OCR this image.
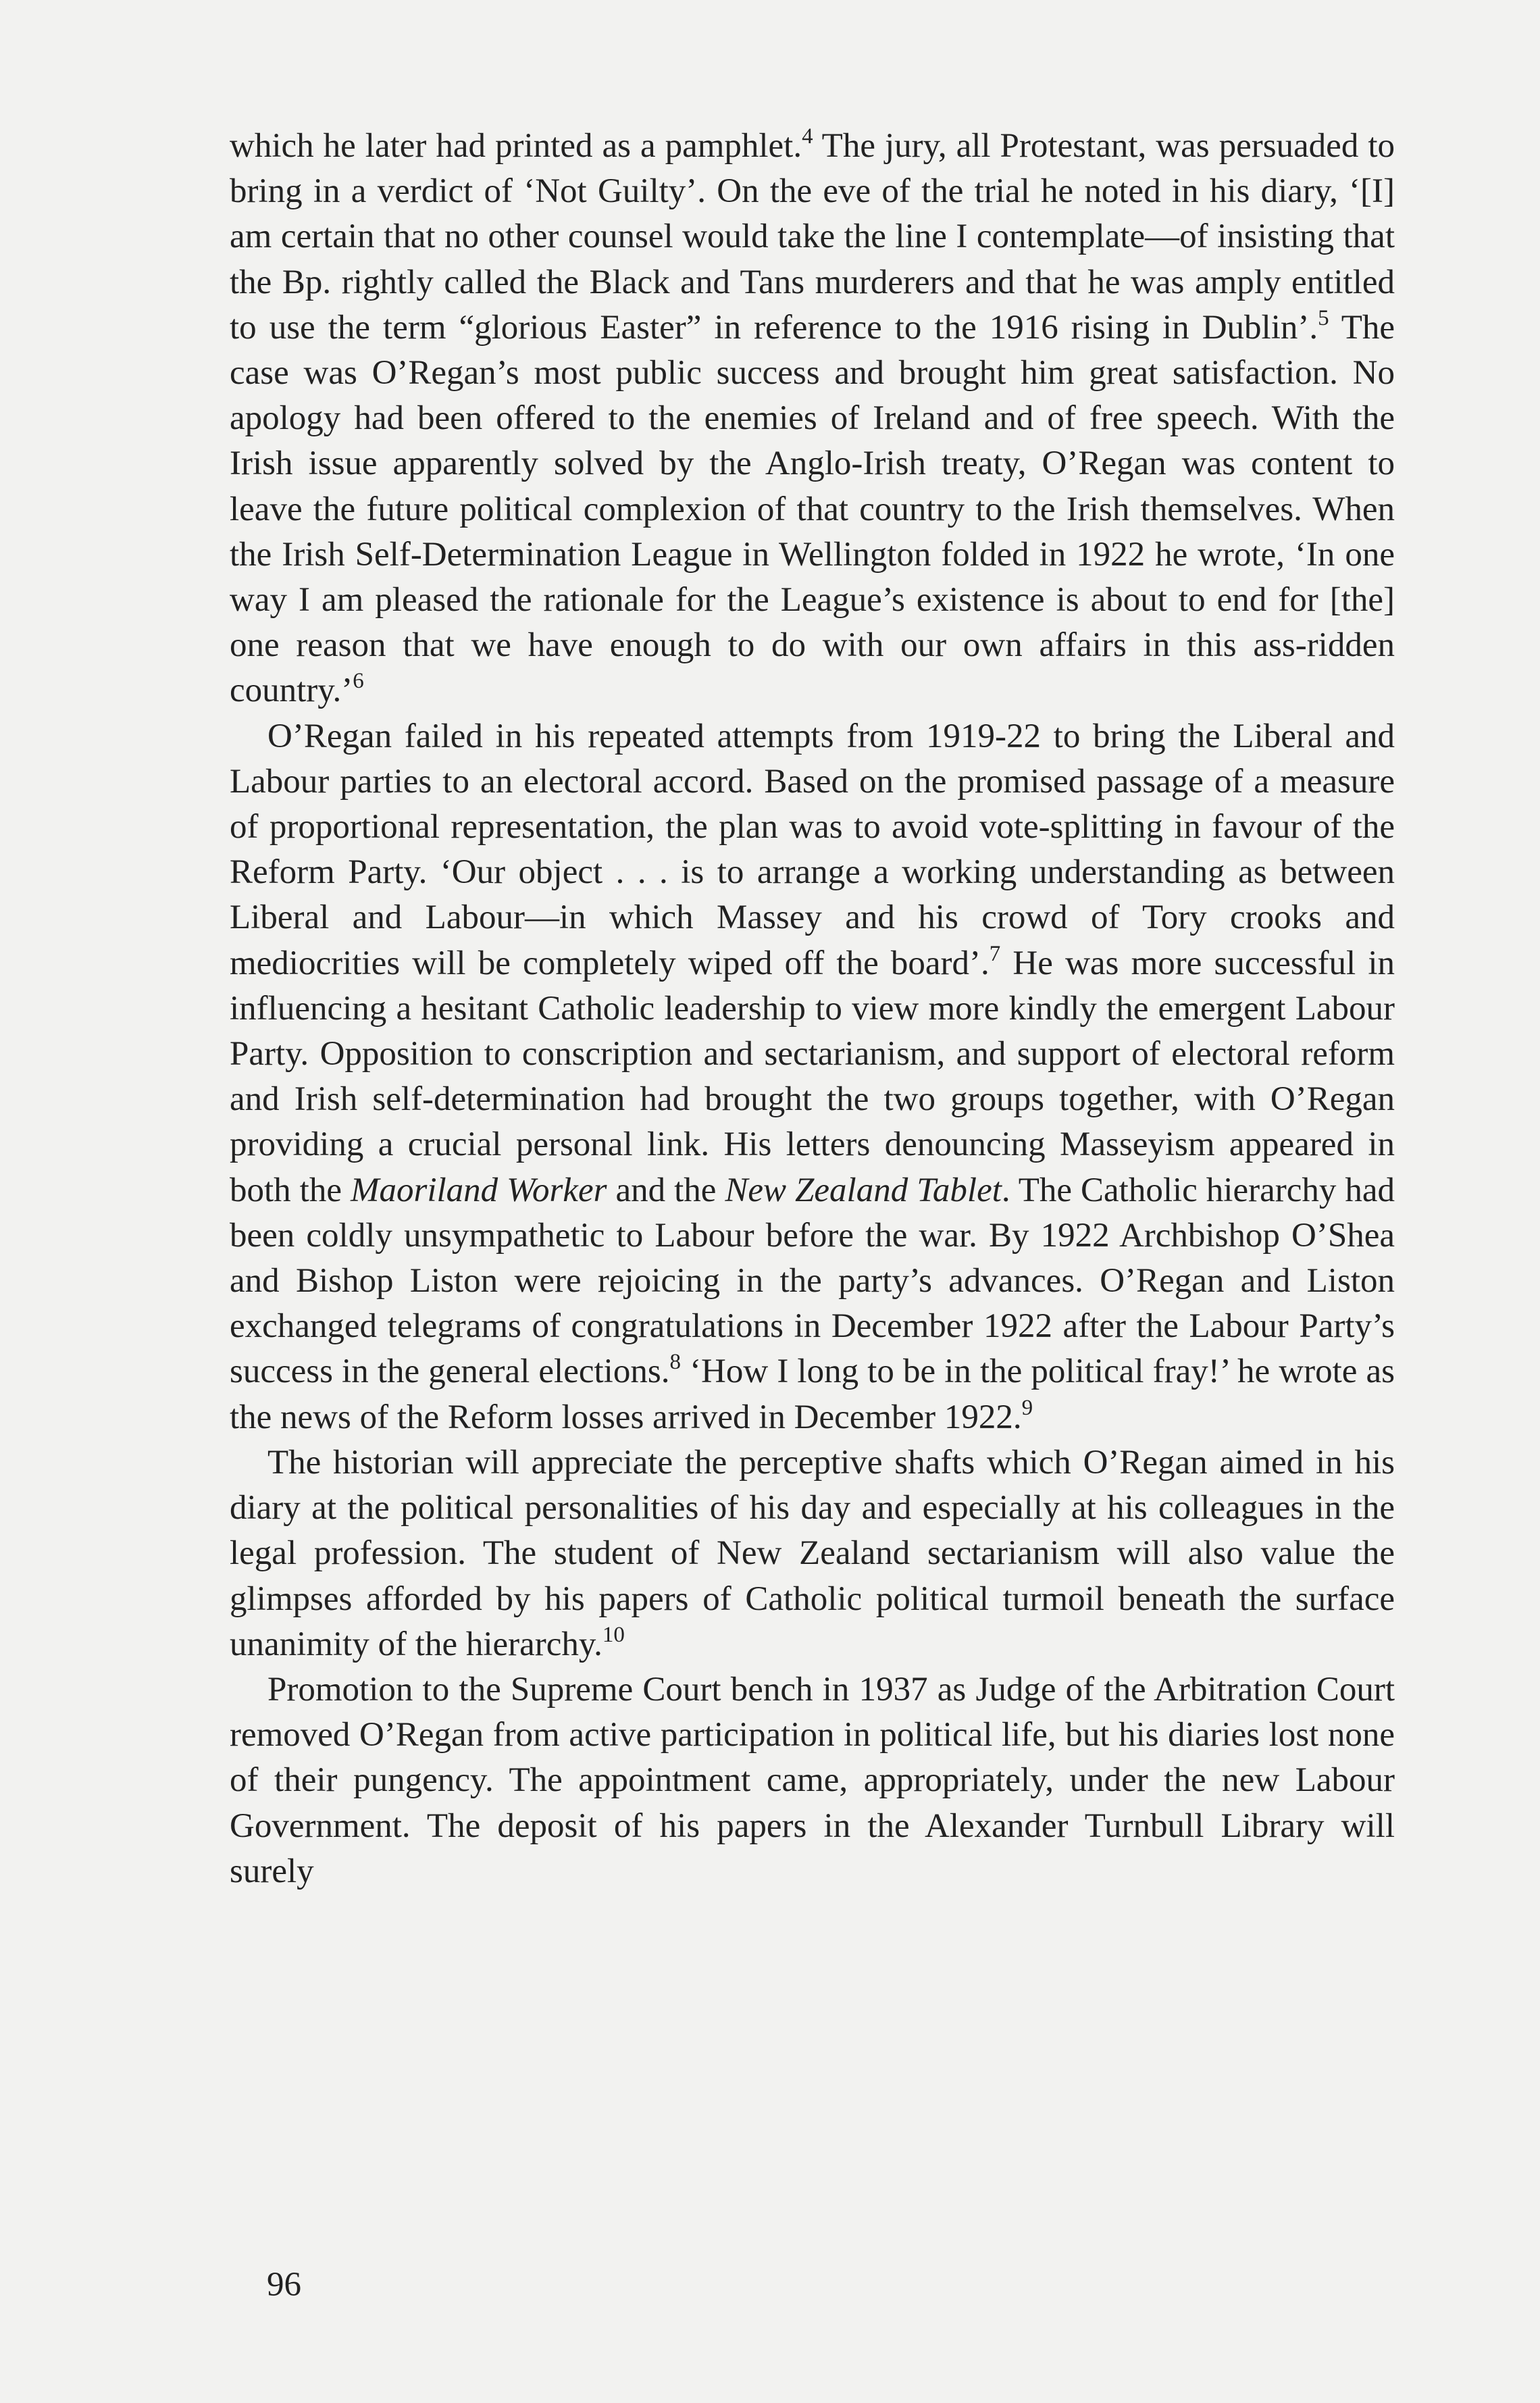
which he later had printed as a pamphlet.$^4$ The jury, all Protestant, was persuaded to bring in a verdict of ‘Not Guilty’. On the eve of the trial he noted in his diary, ‘[I] am certain that no other counsel would take the line I contemplate—of insisting that the Bp. rightly called the Black and Tans murderers and that he was amply entitled to use the term “glorious Easter” in reference to the 1916 rising in Dublin’.$^5$ The case was O’Regan’s most public success and brought him great satisfaction. No apology had been offered to the enemies of Ireland and of free speech. With the Irish issue apparently solved by the Anglo-Irish treaty, O’Regan was content to leave the future political complexion of that country to the Irish themselves. When the Irish Self-Determination League in Wellington folded in 1922 he wrote, ‘In one way I am pleased the rationale for the League’s existence is about to end for [the] one reason that we have enough to do with our own affairs in this ass-ridden country.’$^6$

O’Regan failed in his repeated attempts from 1919-22 to bring the Liberal and Labour parties to an electoral accord. Based on the promised passage of a measure of proportional representation, the plan was to avoid vote-splitting in favour of the Reform Party. ‘Our object . . . is to arrange a working understanding as between Liberal and Labour—in which Massey and his crowd of Tory crooks and mediocrities will be completely wiped off the board’.$^7$ He was more successful in influencing a hesitant Catholic leadership to view more kindly the emergent Labour Party. Opposition to conscription and sectarianism, and support of electoral reform and Irish self-determination had brought the two groups together, with O’Regan providing a crucial personal link. His letters denouncing Masseyism appeared in both the Maoriland Worker and the New Zealand Tablet. The Catholic hierarchy had been coldly unsympathetic to Labour before the war. By 1922 Archbishop O’Shea and Bishop Liston were rejoicing in the party’s advances. O’Regan and Liston exchanged telegrams of congratulations in December 1922 after the Labour Party’s success in the general elections.$^8$ ‘How I long to be in the political fray!’ he wrote as the news of the Reform losses arrived in December 1922.$^9$

The historian will appreciate the perceptive shafts which O’Regan aimed in his diary at the political personalities of his day and especially at his colleagues in the legal profession. The student of New Zealand sectarianism will also value the glimpses afforded by his papers of Catholic political turmoil beneath the surface unanimity of the hierarchy.$^{10}$

Promotion to the Supreme Court bench in 1937 as Judge of the Arbitration Court removed O’Regan from active participation in political life, but his diaries lost none of their pungency. The appointment came, appropriately, under the new Labour Government. The deposit of his papers in the Alexander Turnbull Library will surely

96
